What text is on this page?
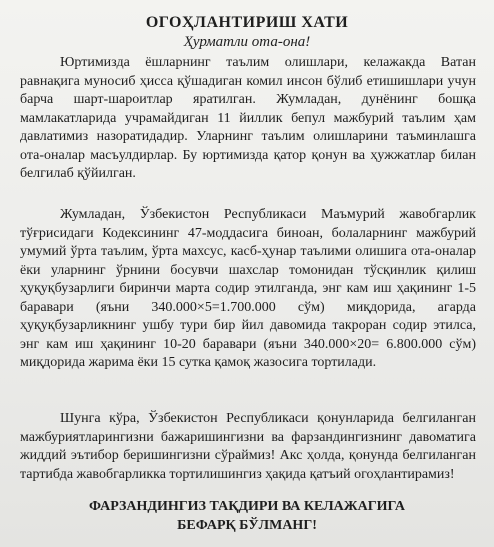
ОГОҲЛАНТИРИШ ХАТИ
Ҳурматли ота-она!
Юртимизда ёшларнинг таълим олишлари, келажакда Ватан равнақига муносиб ҳисса қўшадиган комил инсон бўлиб етишишлари учун барча шарт-шароитлар яратилган. Жумладан, дунёнинг бошқа мамлакатларида учрамайдиган 11 йиллик бепул мажбурий таълим ҳам давлатимиз назоратидадир. Уларнинг таълим олишларини таъминлашга ота-оналар масъулдирлар. Бу юртимизда қатор қонун ва ҳужжатлар билан белгилаб қўйилган.
Жумладан, Ўзбекистон Республикаси Маъмурий жавобгарлик тўғрисидаги Кодексининг 47-моддасига биноан, болаларнинг мажбурий умумий ўрта таълим, ўрта махсус, касб-ҳунар таълими олишига ота-оналар ёки уларнинг ўрнини босувчи шахслар томонидан тўсқинлик қилиш ҳуқуқбузарлиги биринчи марта содир этилганда, энг кам иш ҳақининг 1-5 баравари (яъни 340.000×5=1.700.000 сўм) миқдорида, агарда ҳуқуқбузарликнинг ушбу тури бир йил давомида такроран содир этилса, энг кам иш ҳақининг 10-20 баравари (яъни 340.000×20= 6.800.000 сўм) миқдорида жарима ёки 15 сутка қамоқ жазосига тортилади.
Шунга кўра, Ўзбекистон Республикаси қонунларида белгиланган мажбуриятларингизни бажаришингизни ва фарзандингизнинг давоматига жиддий эътибор беришингизни сўраймиз! Акс ҳолда, қонунда белгиланган тартибда жавобгарликка тортилишингиз ҳақида қатъий огоҳлантирамиз!
ФАРЗАНДИНГИЗ ТАҚДИРИ ВА КЕЛАЖАГИГА
БЕФАРҚ БЎЛМАНГ!
